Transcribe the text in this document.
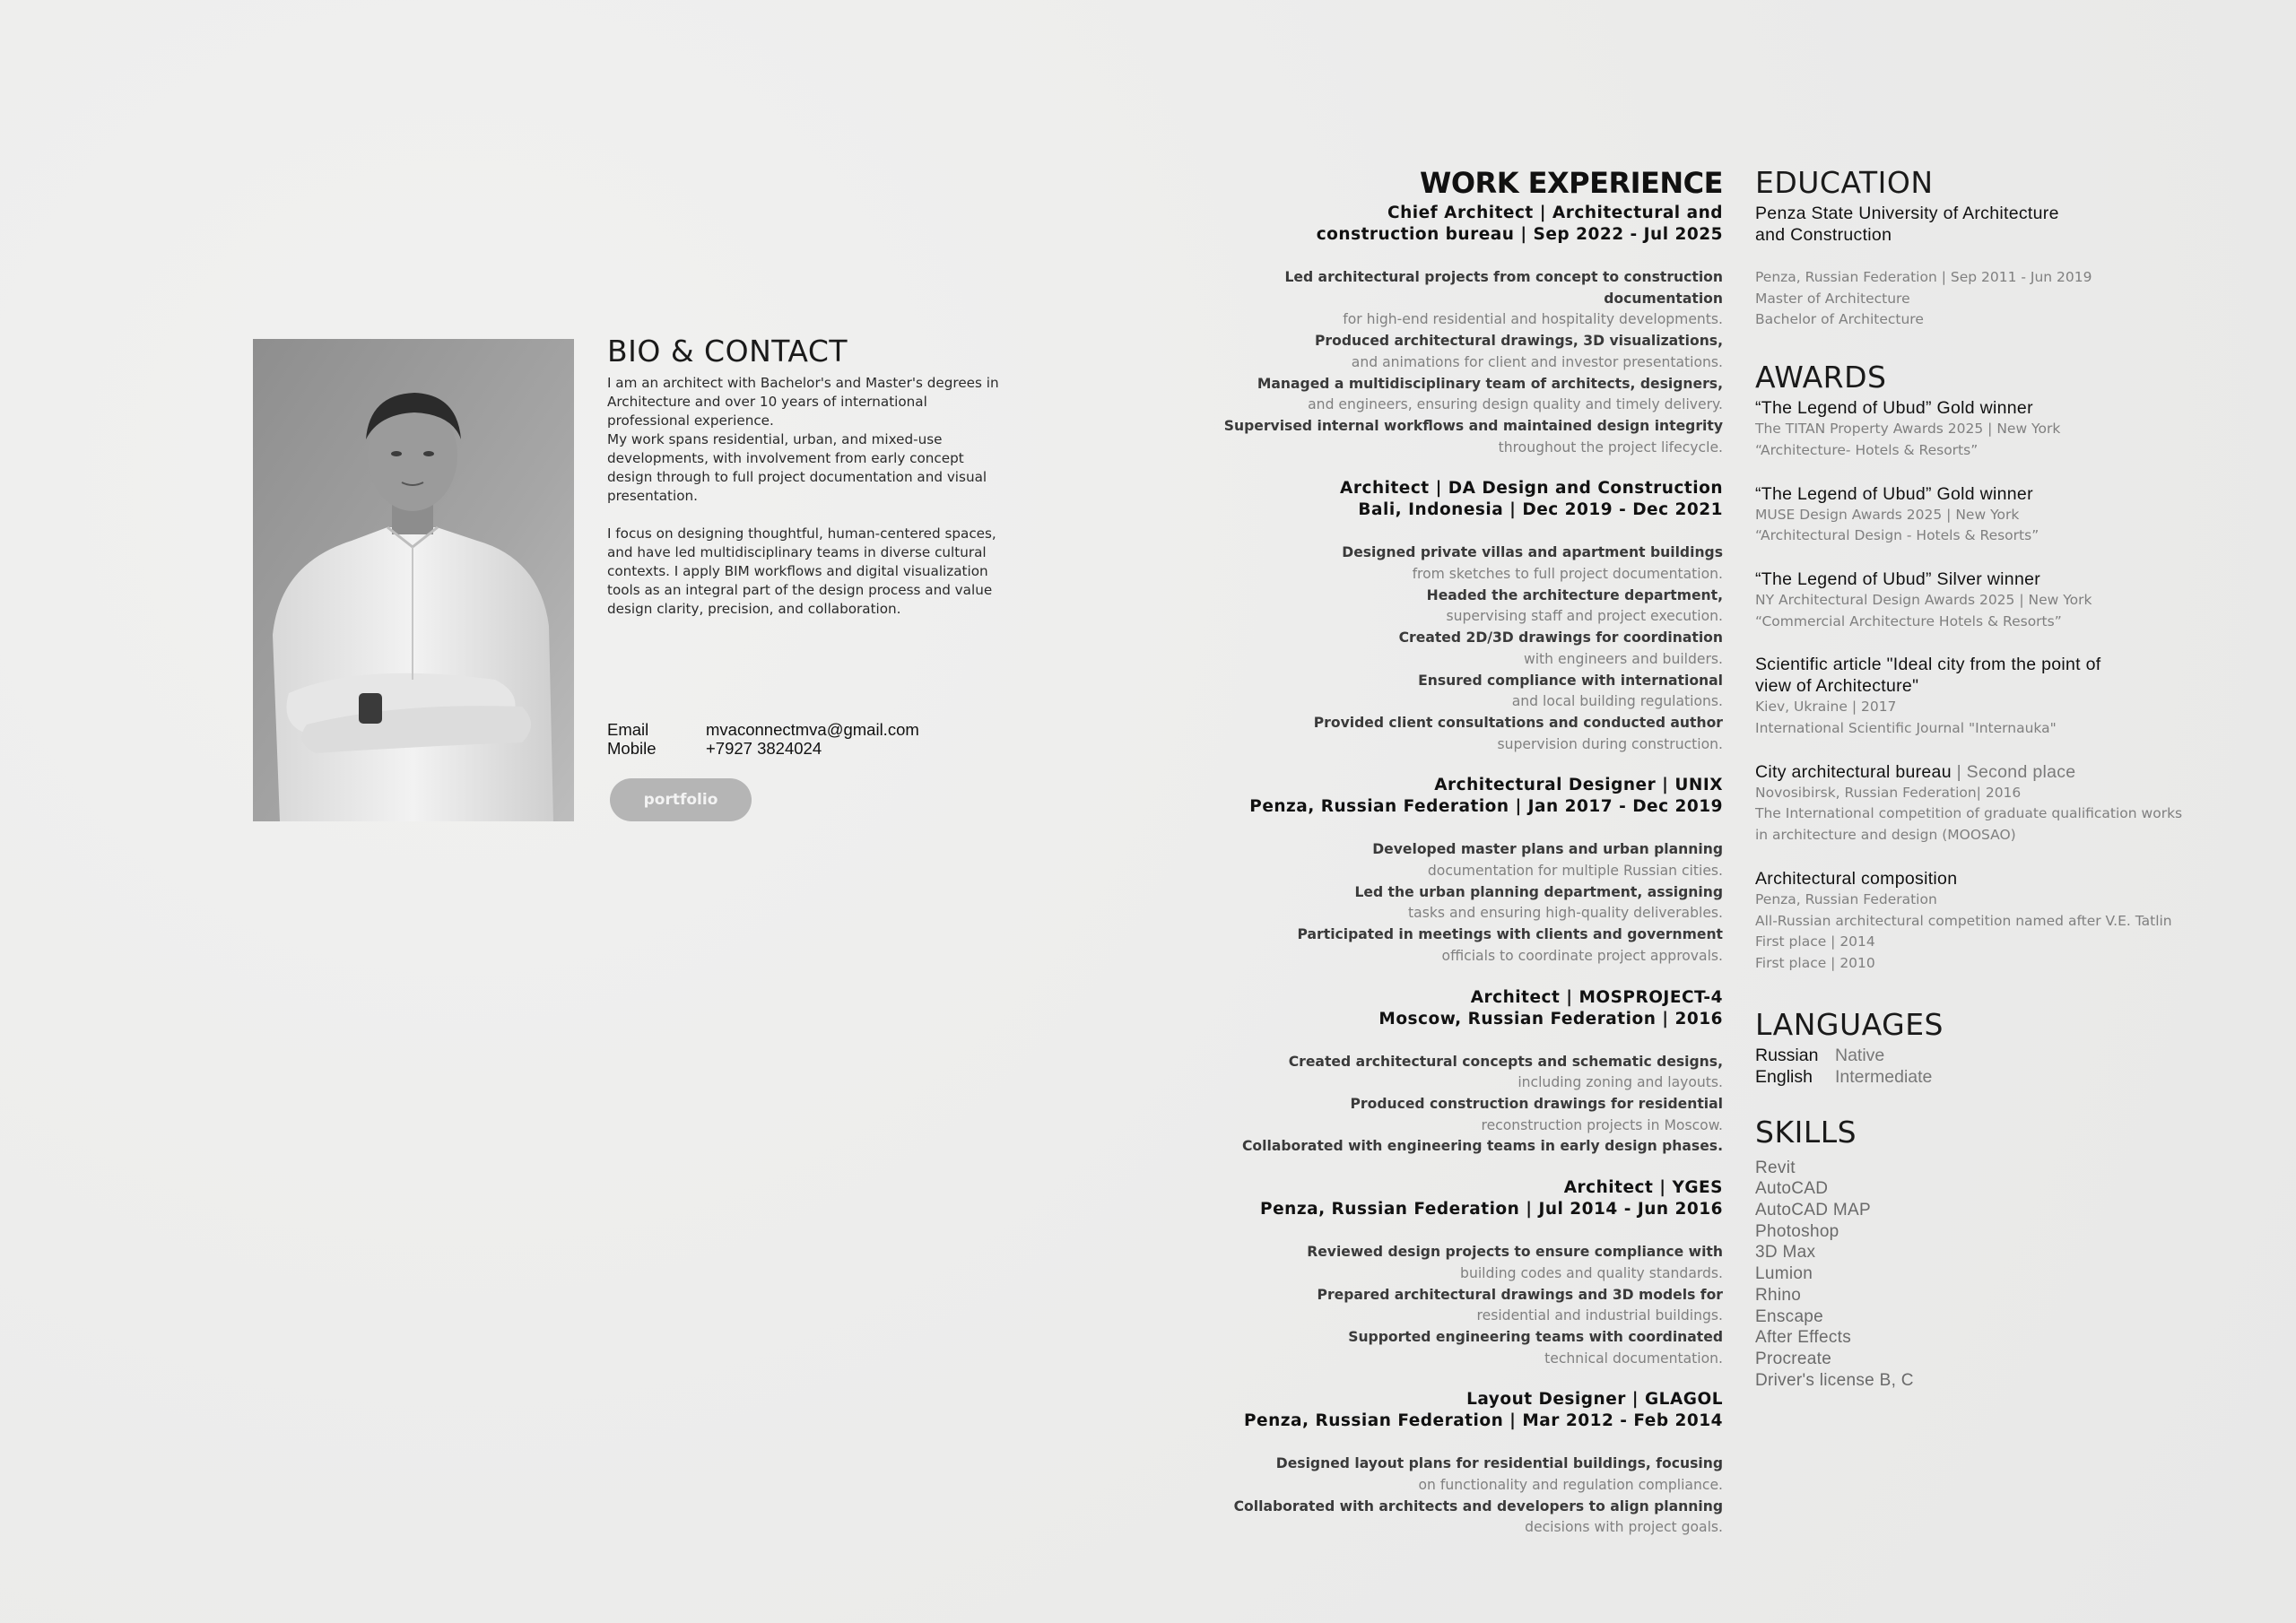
BIO & CONTACT

I am an architect with Bachelor's and Master's degrees in

Architecture and over 10 years of international

professional experience.

My work spans residential, urban, and mixed-use

developments, with involvement from early concept

design through to full project documentation and visual

presentation.

I focus on designing thoughtful, human-centered spaces,

and have led multidisciplinary teams in diverse cultural

contexts. I apply BIM workflows and digital visualization

tools as an integral part of the design process and value

design clarity, precision, and collaboration.

Email	mvaconnectmva@gmail.com
Mobile	+7927 3824024
portfolio
WORK EXPERIENCE
Chief Architect | Architectural and
construction bureau | Sep 2022 - Jul 2025
Led architectural projects from concept to construction documentation
for high-end residential and hospitality developments.
Produced architectural drawings, 3D visualizations,
and animations for client and investor presentations.
Managed a multidisciplinary team of architects, designers,
and engineers, ensuring design quality and timely delivery.
Supervised internal workflows and maintained design integrity
throughout the project lifecycle.
Architect | DA Design and Construction
Bali, Indonesia | Dec 2019 - Dec 2021
Designed private villas and apartment buildings
from sketches to full project documentation.
Headed the architecture department,
supervising staff and project execution.
Created 2D/3D drawings for coordination
with engineers and builders.
Ensured compliance with international
and local building regulations.
Provided client consultations and conducted author
supervision during construction.
Architectural Designer | UNIX
Penza, Russian Federation | Jan 2017 - Dec 2019
Developed master plans and urban planning
documentation for multiple Russian cities.
Led the urban planning department, assigning
tasks and ensuring high-quality deliverables.
Participated in meetings with clients and government
officials to coordinate project approvals.
Architect | MOSPROJECT-4
Moscow, Russian Federation | 2016
Created architectural concepts and schematic designs,
including zoning and layouts.
Produced construction drawings for residential
reconstruction projects in Moscow.
Collaborated with engineering teams in early design phases.
Architect | YGES
Penza, Russian Federation | Jul 2014 - Jun 2016
Reviewed design projects to ensure compliance with
building codes and quality standards.
Prepared architectural drawings and 3D models for
residential and industrial buildings.
Supported engineering teams with coordinated
technical documentation.
Layout Designer | GLAGOL
Penza, Russian Federation | Mar 2012 - Feb 2014
Designed layout plans for residential buildings, focusing
on functionality and regulation compliance.
Collaborated with architects and developers to align planning
decisions with project goals.
EDUCATION
Penza State University of Architecture
and Construction
Penza, Russian Federation | Sep 2011 - Jun 2019
Master of Architecture
Bachelor of Architecture
AWARDS
“The Legend of Ubud” Gold winner
The TITAN Property Awards 2025 | New York
“Architecture- Hotels & Resorts”
“The Legend of Ubud” Gold winner
MUSE Design Awards 2025 | New York
“Architectural Design - Hotels & Resorts”
“The Legend of Ubud” Silver winner
NY Architectural Design Awards 2025 | New York
“Commercial Architecture Hotels & Resorts”
Scientific article "Ideal city from the point of
view of Architecture"
Kiev, Ukraine | 2017
International Scientific Journal "Internauka"
City architectural bureau | Second place
Novosibirsk, Russian Federation| 2016
The International competition of graduate qualification works
in architecture and design (MOOSAO)
Architectural composition
Penza, Russian Federation
All-Russian architectural competition named after V.E. Tatlin
First place | 2014
First place | 2010
LANGUAGES
Russian Native
English Intermediate
SKILLS
Revit
AutoCAD
AutoCAD MAP
Photoshop
3D Max
Lumion
Rhino
Enscape
After Effects
Procreate
Driver's license B, C
